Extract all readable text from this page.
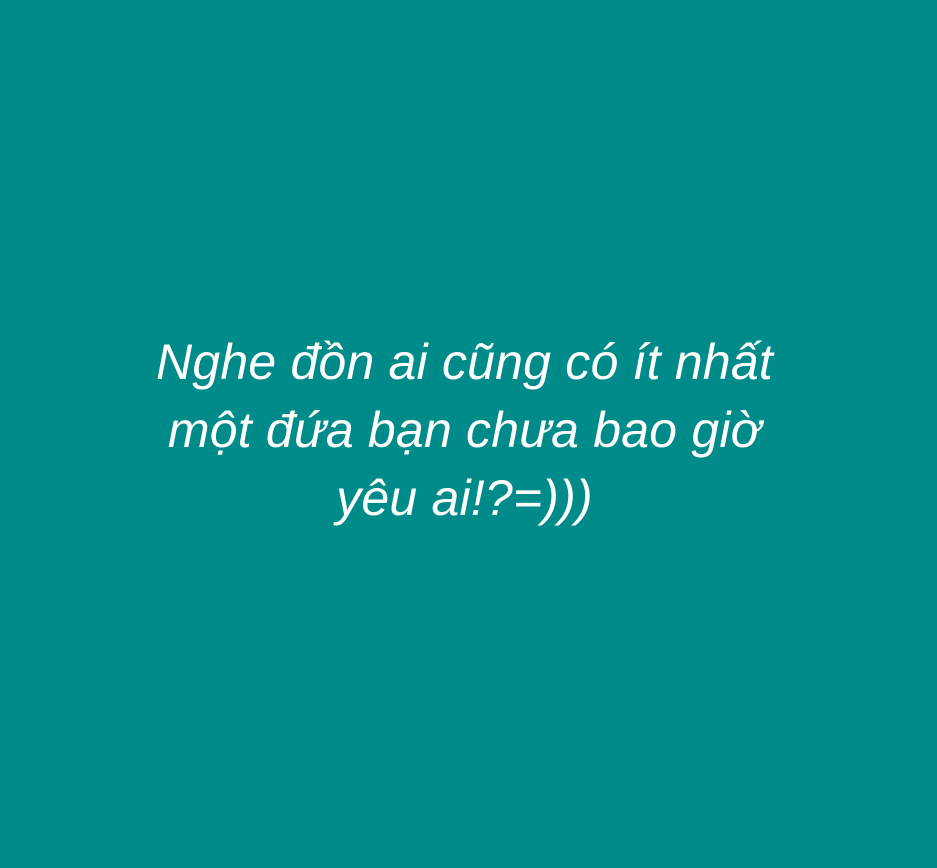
Nghe đồn ai cũng có ít nhất
một đứa bạn chưa bao giờ
yêu ai!?=)))
